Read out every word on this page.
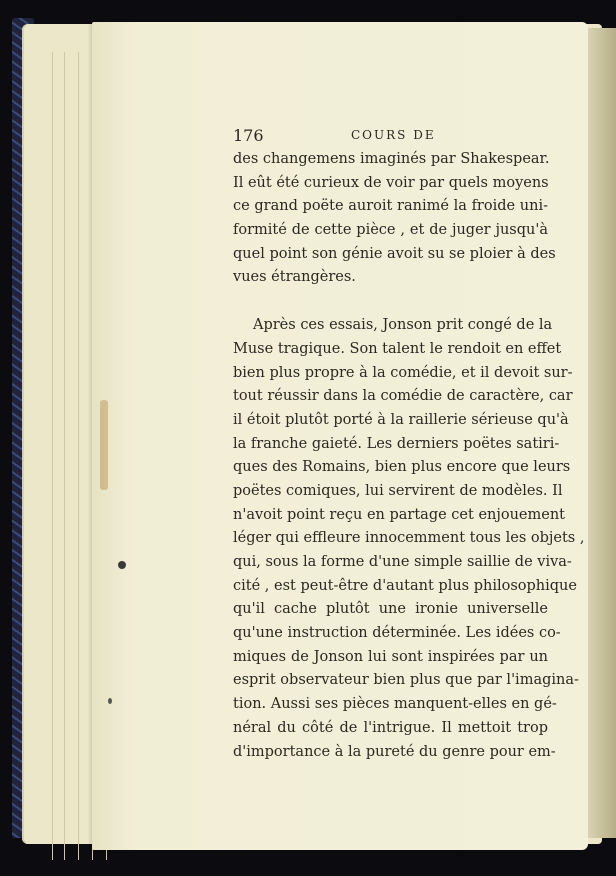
176	COURS DE
des changemens imaginés par Shakespear.
Il eût été curieux de voir par quels moyens
ce grand poëte auroit ranimé la froide uni-
formité de cette pièce , et de juger jusqu'à
quel point son génie avoit su se ploier à des
vues étrangères.
Après ces essais, Jonson prit congé de la
Muse tragique. Son talent le rendoit en effet
bien plus propre à la comédie, et il devoit sur-
tout réussir dans la comédie de caractère, car
il étoit plutôt porté à la raillerie sérieuse qu'à
la franche gaieté. Les derniers poëtes satiri-
ques des Romains, bien plus encore que leurs
poëtes comiques, lui servirent de modèles. Il
n'avoit point reçu en partage cet enjouement
léger qui effleure innocemment tous les objets ,
qui, sous la forme d'une simple saillie de viva-
cité , est peut-être d'autant plus philosophique
qu'il cache plutôt une ironie universelle
qu'une instruction déterminée. Les idées co-
miques de Jonson lui sont inspirées par un
esprit observateur bien plus que par l'imagina-
tion. Aussi ses pièces manquent-elles en gé-
néral du côté de l'intrigue. Il mettoit trop
d'importance à la pureté du genre pour em-
